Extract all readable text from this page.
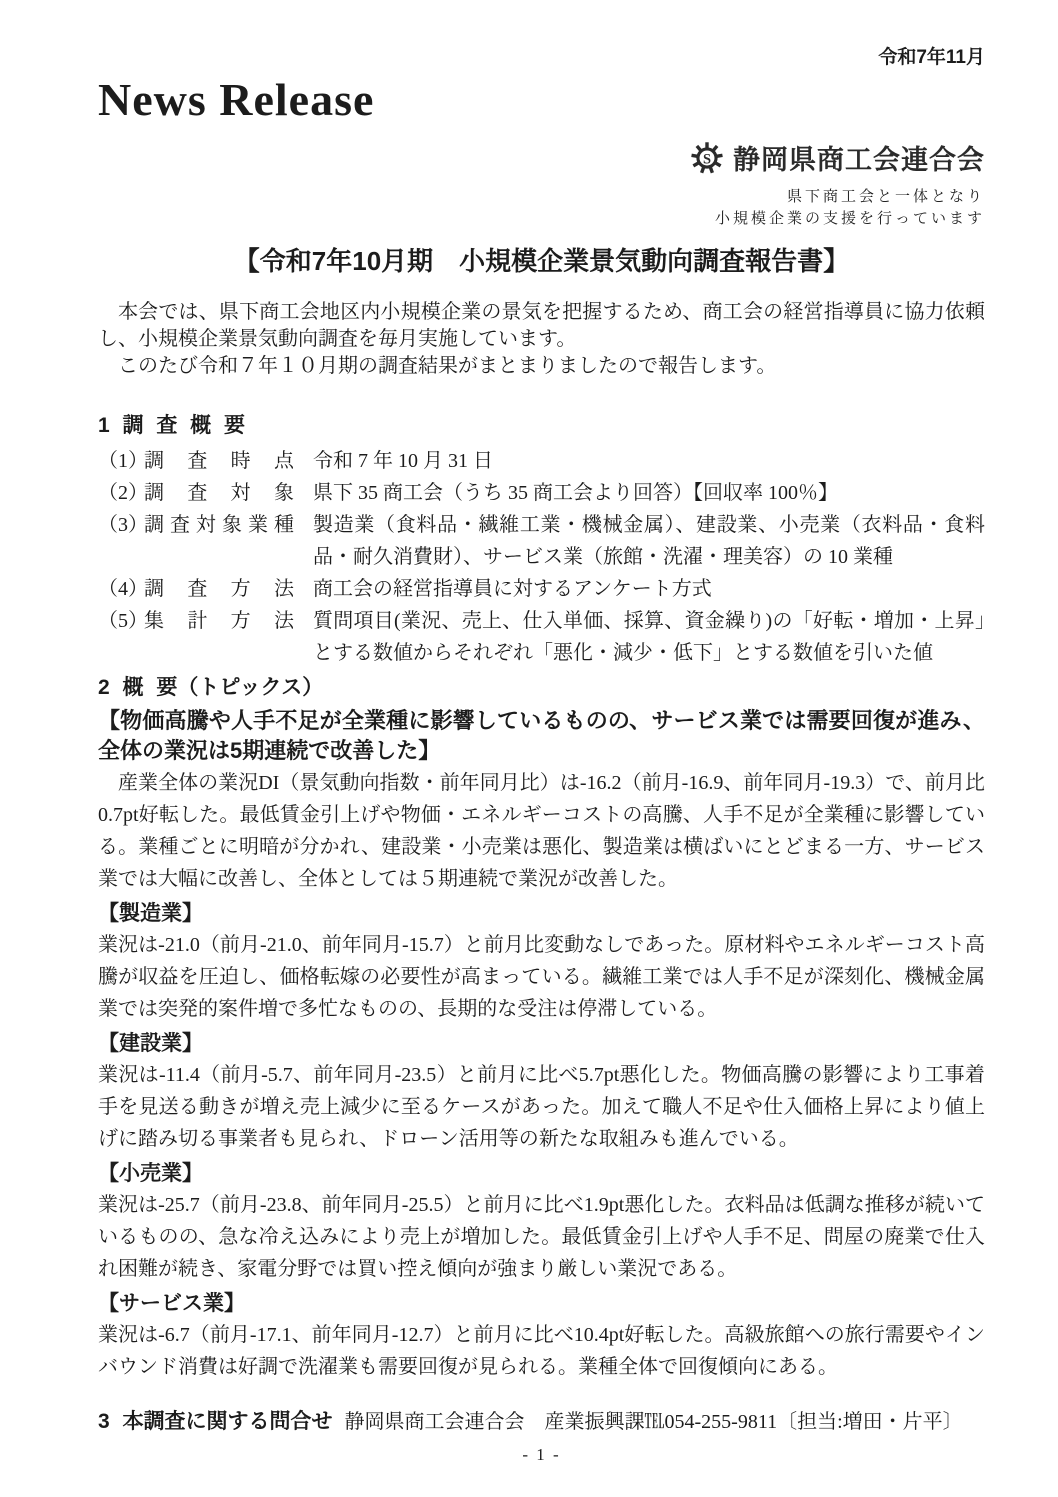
令和7年11月
News Release
S 静岡県商工会連合会
県下商工会と一体となり
小規模企業の支援を行っています
【令和7年10月期　小規模企業景気動向調査報告書】

本会では、県下商工会地区内小規模企業の景気を把握するため、商工会の経営指導員に協力依頼し、小規模企業景気動向調査を毎月実施しています。

このたび令和７年１０月期の調査結果がまとまりましたので報告します。

1 調 査 概 要
（1）
調査時点 令和 7 年 10 月 31 日
（2）
調査対象 県下 35 商工会（うち 35 商工会より回答）【回収率 100％】
（3）
調査対象業種 製造業（食料品・繊維工業・機械金属）、建設業、小売業（衣料品・食料品・耐久消費財）、サービス業（旅館・洗濯・理美容）の 10 業種
（4）
調査方法 商工会の経営指導員に対するアンケート方式
（5）
集計方法 質問項目(業況、売上、仕入単価、採算、資金繰り)の「好転・増加・上昇」とする数値からそれぞれ「悪化・減少・低下」とする数値を引いた値
2 概 要（トピックス）
【物価高騰や人手不足が全業種に影響しているものの、サービス業では需要回復が進み、全体の業況は5期連続で改善した】

産業全体の業況DI（景気動向指数・前年同月比）は-16.2（前月-16.9、前年同月-19.3）で、前月比0.7pt好転した。最低賃金引上げや物価・エネルギーコストの高騰、人手不足が全業種に影響している。業種ごとに明暗が分かれ、建設業・小売業は悪化、製造業は横ばいにとどまる一方、サービス業では大幅に改善し、全体としては５期連続で業況が改善した。

【製造業】

業況は-21.0（前月-21.0、前年同月-15.7）と前月比変動なしであった。原材料やエネルギーコスト高騰が収益を圧迫し、価格転嫁の必要性が高まっている。繊維工業では人手不足が深刻化、機械金属業では突発的案件増で多忙なものの、長期的な受注は停滞している。

【建設業】

業況は-11.4（前月-5.7、前年同月-23.5）と前月に比べ5.7pt悪化した。物価高騰の影響により工事着手を見送る動きが増え売上減少に至るケースがあった。加えて職人不足や仕入価格上昇により値上げに踏み切る事業者も見られ、ドローン活用等の新たな取組みも進んでいる。

【小売業】

業況は-25.7（前月-23.8、前年同月-25.5）と前月に比べ1.9pt悪化した。衣料品は低調な推移が続いているものの、急な冷え込みにより売上が増加した。最低賃金引上げや人手不足、問屋の廃業で仕入れ困難が続き、家電分野では買い控え傾向が強まり厳しい業況である。

【サービス業】

業況は-6.7（前月-17.1、前年同月-12.7）と前月に比べ10.4pt好転した。高級旅館への旅行需要やインバウンド消費は好調で洗濯業も需要回復が見られる。業種全体で回復傾向にある。

3 本調査に関する問合せ 静岡県商工会連合会　産業振興課℡054-255-9811〔担当:増田・片平〕
- 1 -
